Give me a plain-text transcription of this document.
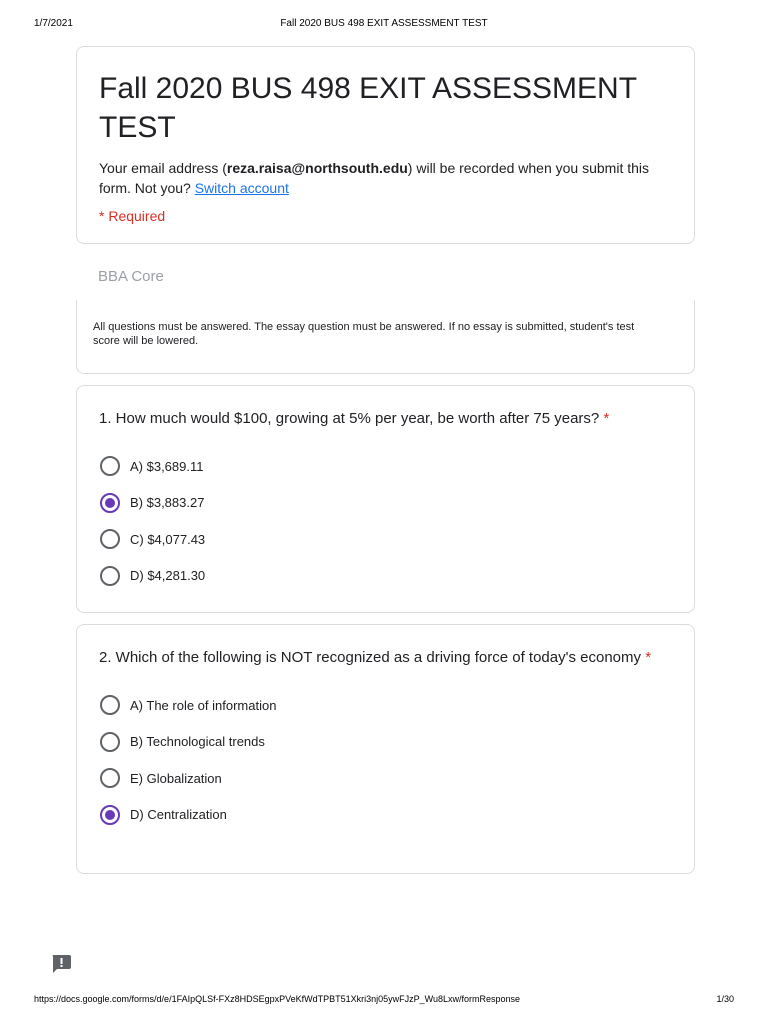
1/7/2021	Fall 2020 BUS 498 EXIT ASSESSMENT TEST
Fall 2020 BUS 498 EXIT ASSESSMENT TEST

Your email address (reza.raisa@northsouth.edu) will be recorded when you submit this form. Not you? Switch account

* Required

BBA Core

All questions must be answered. The essay question must be answered. If no essay is submitted, student's test score will be lowered.

1. How much would $100, growing at 5% per year, be worth after 75 years? *
A) $3,689.11
B) $3,883.27
C) $4,077.43
D) $4,281.30
2. Which of the following is NOT recognized as a driving force of today's economy *
A) The role of information
B) Technological trends
E) Globalization
D) Centralization
https://docs.google.com/forms/d/e/1FAIpQLSf-FXz8HDSEgpxPVeKfWdTPBT51Xkri3nj05ywFJzP_Wu8Lxw/formResponse	1/30
